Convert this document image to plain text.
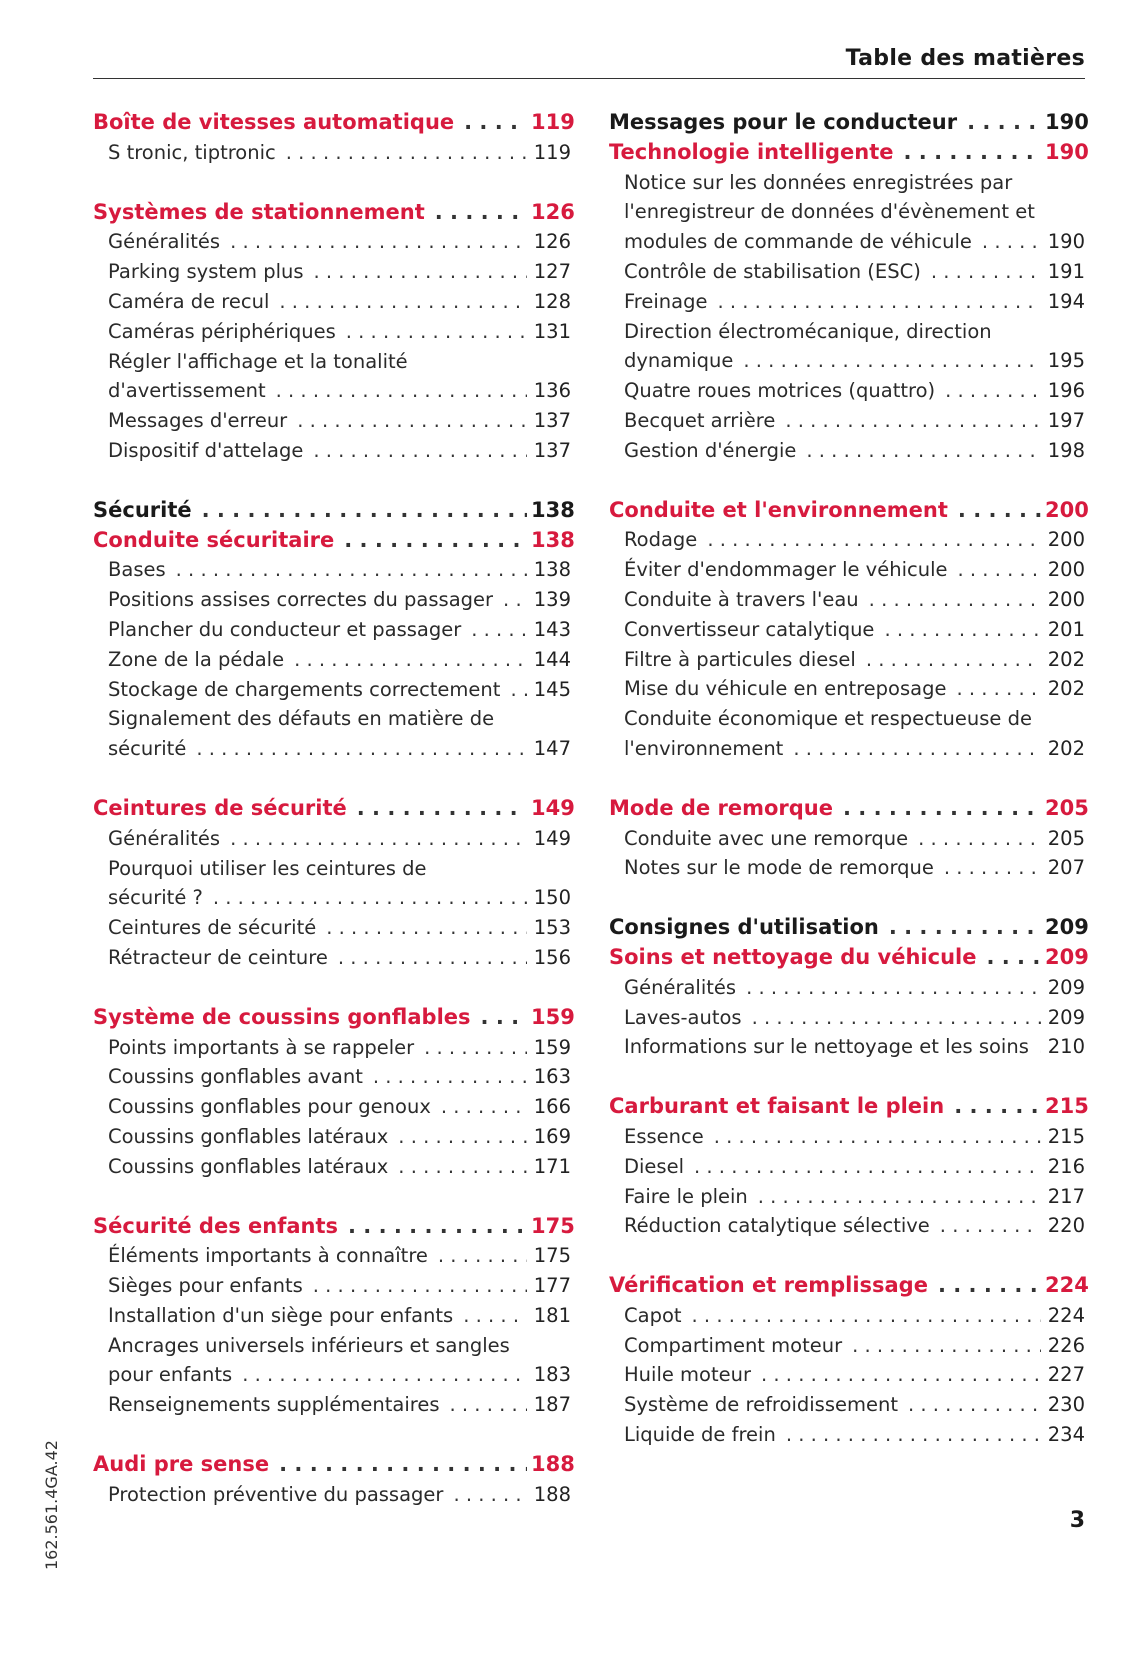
Table des matières
Boîte de vitesses automatique . . .	119
S tronic, tiptronic . . .	119
Systèmes de stationnement . . .	126
Généralités . . .	126
Parking system plus . . .	127
Caméra de recul . . .	128
Caméras périphériques . . .	131
Régler l'affichage et la tonalité
d'avertissement . . .	136
Messages d'erreur . . .	137
Dispositif d'attelage . . .	137
Sécurité . . .	138
Conduite sécuritaire . . .	138
Bases . . .	138
Positions assises correctes du passager . . . 139
Plancher du conducteur et passager . . .	143
Zone de la pédale . . .	144
Stockage de chargements correctement . . . 145
Signalement des défauts en matière de
sécurité . . .	147
Ceintures de sécurité . . .	149
Généralités . . .	149
Pourquoi utiliser les ceintures de
sécurité ? . . .	150
Ceintures de sécurité . . .	153
Rétracteur de ceinture . . .	156
Système de coussins gonflables . . .	159
Points importants à se rappeler . . .	159
Coussins gonflables avant . . .	163
Coussins gonflables pour genoux . . .	166
Coussins gonflables latéraux . . .	169
Coussins gonflables latéraux . . .	171
Sécurité des enfants . . .	175
Éléments importants à connaître . . .	175
Sièges pour enfants . . .	177
Installation d'un siège pour enfants . . .	181
Ancrages universels inférieurs et sangles
pour enfants . . .	183
Renseignements supplémentaires . . .	187
Audi pre sense . . .	188
Protection préventive du passager . . .	188
Messages pour le conducteur . . .	190
Technologie intelligente . . .	190
Notice sur les données enregistrées par
l'enregistreur de données d'évènement et
modules de commande de véhicule . . .	190
Contrôle de stabilisation (ESC) . . .	191
Freinage . . .	194
Direction électromécanique, direction
dynamique . . .	195
Quatre roues motrices (quattro) . . .	196
Becquet arrière . . .	197
Gestion d'énergie . . .	198
Conduite et l'environnement . . .	200
Rodage . . .	200
Éviter d'endommager le véhicule . . .	200
Conduite à travers l'eau . . .	200
Convertisseur catalytique . . .	201
Filtre à particules diesel . . .	202
Mise du véhicule en entreposage . . .	202
Conduite économique et respectueuse de
l'environnement . . .	202
Mode de remorque . . .	205
Conduite avec une remorque . . .	205
Notes sur le mode de remorque . . .	207
Consignes d'utilisation . . .	209
Soins et nettoyage du véhicule . . .	209
Généralités . . .	209
Laves-autos . . .	209
Informations sur le nettoyage et les soins . . . 210
Carburant et faisant le plein . . .	215
Essence . . .	215
Diesel . . .	216
Faire le plein . . .	217
Réduction catalytique sélective . . .	220
Vérification et remplissage . . .	224
Capot . . .	224
Compartiment moteur . . .	226
Huile moteur . . .	227
Système de refroidissement . . .	230
Liquide de frein . . .	234
162.561.4GA.42	3
